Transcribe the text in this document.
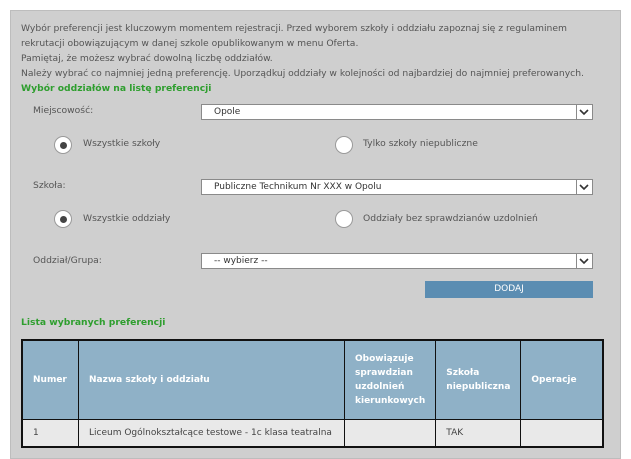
Wybór preferencji jest kluczowym momentem rejestracji. Przed wyborem szkoły i oddziału zapoznaj się z regulaminem rekrutacji obowiązującym w danej szkole opublikowanym w menu Oferta.

Pamiętaj, że możesz wybrać dowolną liczbę oddziałów.

Należy wybrać co najmniej jedną preferencję. Uporządkuj oddziały w kolejności od najbardziej do najmniej preferowanych.

Wybór oddziałów na listę preferencji
Miejscowość:	Opole
Wszystkie szkoły	Tylko szkoły niepubliczne
Szkoła:	Publiczne Technikum Nr XXX w Opolu
Wszystkie oddziały	Oddziały bez sprawdzianów uzdolnień
Oddział/Grupa:	-- wybierz --
DODAJ
Lista wybranych preferencji
Numer	Nazwa szkoły i oddziału	Obowiązuje sprawdzian uzdolnień kierunkowych	Szkoła niepubliczna	Operacje
1	Liceum Ogólnokształcące testowe - 1c klasa teatralna		TAK	
